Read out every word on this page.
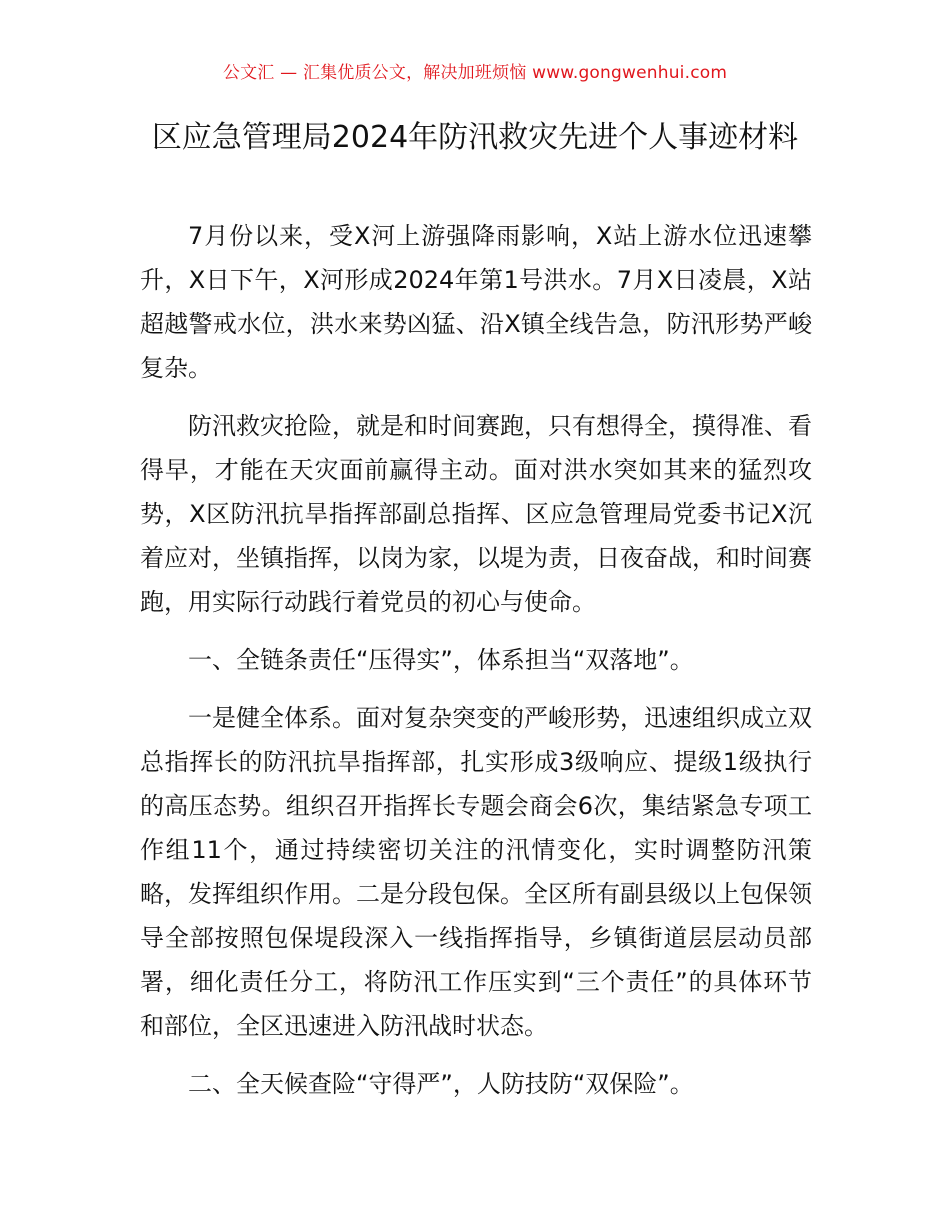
公文汇 — 汇集优质公文，解决加班烦恼 www.gongwenhui.com
区应急管理局2024年防汛救灾先进个人事迹材料

7月份以来，受X河上游强降雨影响，X站上游水位迅速攀升，X日下午，X河形成2024年第1号洪水。7月X日凌晨，X站超越警戒水位，洪水来势凶猛、沿X镇全线告急，防汛形势严峻复杂。

防汛救灾抢险，就是和时间赛跑，只有想得全，摸得准、看得早，才能在天灾面前赢得主动。面对洪水突如其来的猛烈攻势，X区防汛抗旱指挥部副总指挥、区应急管理局党委书记X沉着应对，坐镇指挥，以岗为家，以堤为责，日夜奋战，和时间赛跑，用实际行动践行着党员的初心与使命。

一、全链条责任“压得实”，体系担当“双落地”。

一是健全体系。面对复杂突变的严峻形势，迅速组织成立双总指挥长的防汛抗旱指挥部，扎实形成3级响应、提级1级执行的高压态势。组织召开指挥长专题会商会6次，集结紧急专项工作组11个，通过持续密切关注的汛情变化，实时调整防汛策略，发挥组织作用。二是分段包保。全区所有副县级以上包保领导全部按照包保堤段深入一线指挥指导，乡镇街道层层动员部署，细化责任分工，将防汛工作压实到“三个责任”的具体环节和部位，全区迅速进入防汛战时状态。

二、全天候查险“守得严”，人防技防“双保险”。
